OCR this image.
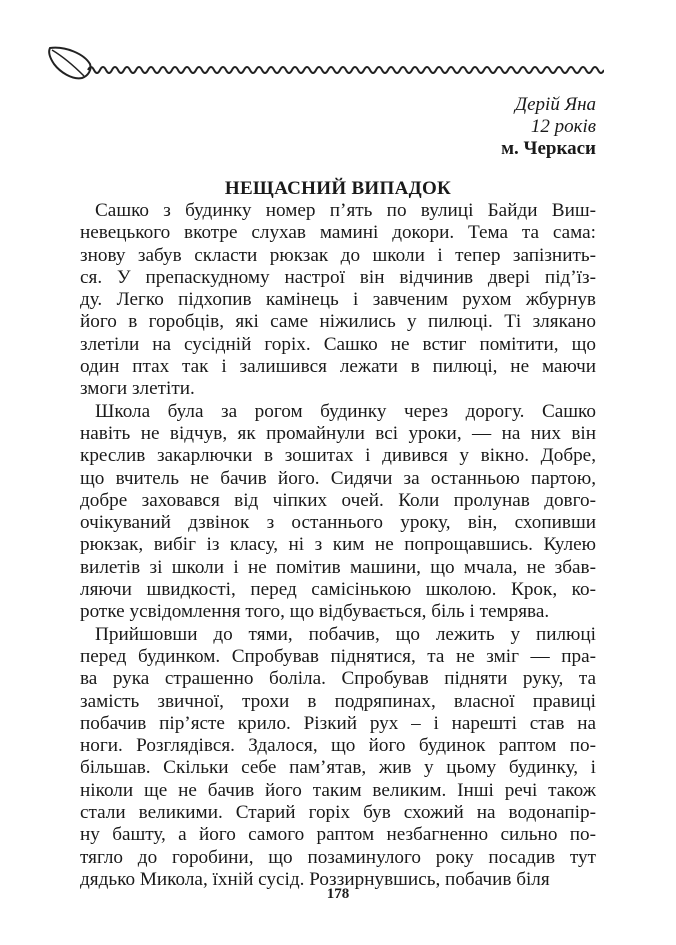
Дерій Яна
12 років
м. Черкаси
НЕЩАСНИЙ ВИПАДОК
Сашко з будинку номер п’ять по вулиці Байди Виш-
невецького вкотре слухав маминi докори. Тема та сама:
знову забув скласти рюкзак до школи і тепер запізнить-
ся. У препаскудному настрої він відчинив двері під’їз-
ду. Легко підхопив камінець і завченим рухом жбурнув
його в горобців, які саме ніжились у пилюці. Ті зляканo
злетіли на сусідній горіх. Сашко не встиг помітити, що
один птах так і залишився лежати в пилюці, не маючи
змоги злетіти.
Школа була за рогом будинку через дорогу. Сашко
навіть не відчув, як промайнули всі уроки, — на них він
креслив закарлючки в зошитах і дивився у вікно. Добре,
що вчитель не бачив його. Сидячи за останньою партою,
добре заховався від чіпких очей. Коли пролунав довго-
очікуваний дзвінок з останнього уроку, він, схопивши
рюкзак, вибіг із класу, ні з ким не попрощавшись. Кулею
вилетів зі школи і не помітив машини, що мчала, не збав-
ляючи швидкості, перед самісінькою школою. Крок, ко-
ротке усвідомлення того, що відбувається, біль і темрява.
Прийшовши до тями, побачив, що лежить у пилюці
перед будинком. Спробував піднятися, та не зміг — пра-
ва рука страшенно боліла. Спробував підняти руку, та
замість звичної, трохи в подряпинах, власної правиці
побачив пір’ясте крило. Різкий рух – і нарешті став на
ноги. Розглядівся. Здалося, що його будинок раптом по-
більшав. Скільки себе пам’ятав, жив у цьому будинку, і
ніколи ще не бачив його таким великим. Інші речі також
стали великими. Старий горіх був схожий на водонапір-
ну башту, а його самого раптом незбагненно сильно по-
тягло до горобини, що позаминулого року посадив тут
дядько Микола, їхній сусід. Роззирнувшись, побачив біля
178
